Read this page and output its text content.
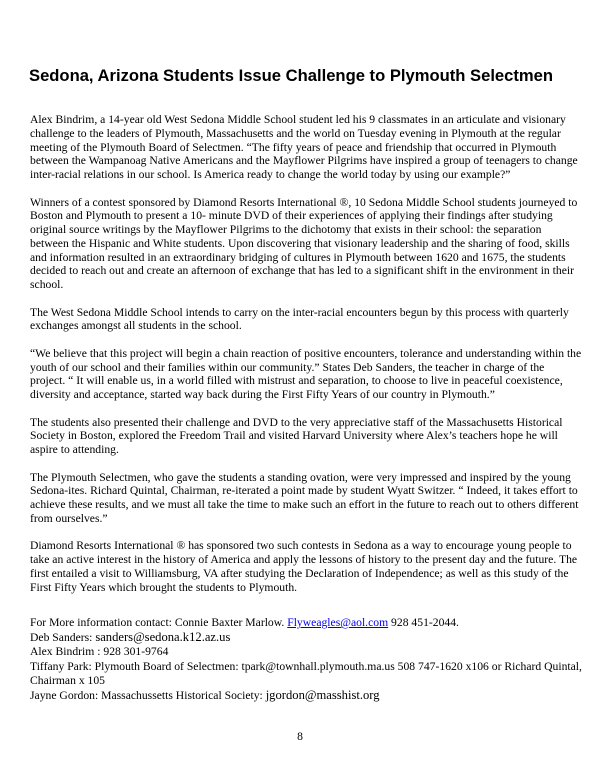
Sedona, Arizona Students Issue Challenge to Plymouth Selectmen

Alex Bindrim, a 14-year old West Sedona Middle School student led his 9 classmates in an articulate and visionary challenge to the leaders of Plymouth, Massachusetts and the world on Tuesday evening in Plymouth at the regular meeting of the Plymouth Board of Selectmen. “The fifty years of peace and friendship that occurred in Plymouth between the Wampanoag Native Americans and the Mayflower Pilgrims have inspired a group of teenagers to change inter-racial relations in our school. Is America ready to change the world today by using our example?”

Winners of a contest sponsored by Diamond Resorts International ®, 10 Sedona Middle School students journeyed to Boston and Plymouth to present a 10- minute DVD of their experiences of applying their findings after studying original source writings by the Mayflower Pilgrims to the dichotomy that exists in their school: the separation between the Hispanic and White students. Upon discovering that visionary leadership and the sharing of food, skills and information resulted in an extraordinary bridging of cultures in Plymouth between 1620 and 1675, the students decided to reach out and create an afternoon of exchange that has led to a significant shift in the environment in their school.

The West Sedona Middle School intends to carry on the inter-racial encounters begun by this process with quarterly exchanges amongst all students in the school.

“We believe that this project will begin a chain reaction of positive encounters, tolerance and understanding within the youth of our school and their families within our community.” States Deb Sanders, the teacher in charge of the project. “ It will enable us, in a world filled with mistrust and separation, to choose to live in peaceful coexistence, diversity and acceptance, started way back during the First Fifty Years of our country in Plymouth.”

The students also presented their challenge and DVD to the very appreciative staff of the Massachusetts Historical Society in Boston, explored the Freedom Trail and visited Harvard University where Alex’s teachers hope he will aspire to attending.

The Plymouth Selectmen, who gave the students a standing ovation, were very impressed and inspired by the young Sedona-ites. Richard Quintal, Chairman, re-iterated a point made by student Wyatt Switzer. “ Indeed, it takes effort to achieve these results, and we must all take the time to make such an effort in the future to reach out to others different from ourselves.”

Diamond Resorts International ® has sponsored two such contests in Sedona as a way to encourage young people to take an active interest in the history of America and apply the lessons of history to the present day and the future. The first entailed a visit to Williamsburg, VA after studying the Declaration of Independence; as well as this study of the First Fifty Years which brought the students to Plymouth.

For More information contact: Connie Baxter Marlow. Flyweagles@aol.com 928 451-2044.
Deb Sanders: sanders@sedona.k12.az.us
Alex Bindrim : 928 301-9764
Tiffany Park: Plymouth Board of Selectmen: tpark@townhall.plymouth.ma.us 508 747-1620 x106 or Richard Quintal, Chairman x 105
Jayne Gordon: Massachussetts Historical Society: jgordon@masshist.org
8
